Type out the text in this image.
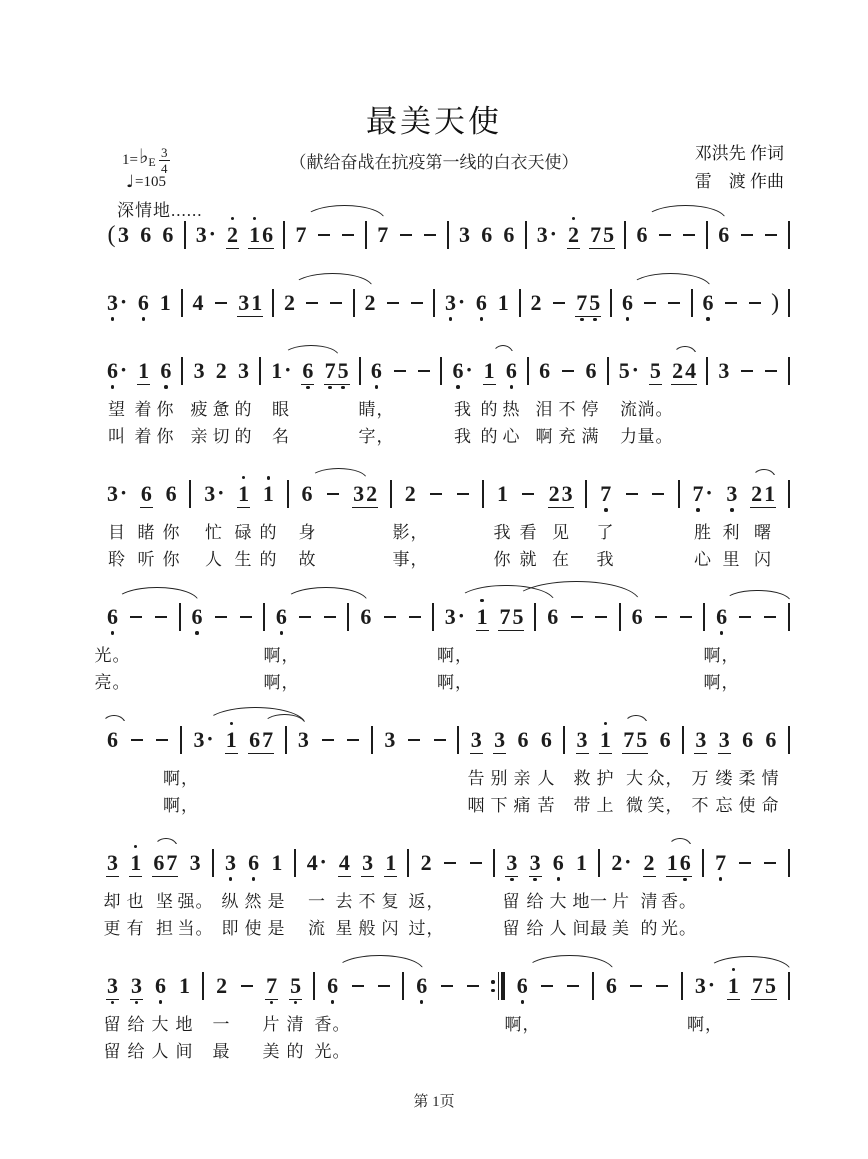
最美天使
（献给奋战在抗疫第一线的白衣天使）	邓洪先 作词
雷　渡 作曲
1= ♭ E $\frac{3}{4}$
♩ =105
深情地......
( 3 6 6 3 · 2 1 6 7	7	3 6 6 3 · 2 7 5 6	6
3 · 6 1 4 3 1 2	2	3 · 6 1 2 7 5 6	6 )
6 · 1 6 3 2 3 1 · 6 7 5 6	6 · 1 6 6 6 5 · 5 2 4 3
望 着 你 疲 惫 的 眼	睛，	我 的 热 泪 不 停 流 淌。
叫 着 你 亲 切 的 名	字，	我 的 心 啊 充 满 力 量。
3 · 6 6 3 · 1 1 6 3 2 2	1 2 3 7	7 · 3 2 1
目 睹 你 忙 碌 的 身	影，	我 看 见 了	胜 利 曙
聆 听 你 人 生 的 故	事，	你 就 在 我	心 里 闪
6	6	6	6	3 · 1 7 5 6	6	6
光。	啊，	啊，	啊，
亮。	啊，	啊，	啊，
6	3 · 1 6 7 3	3	3 3 6 6 3 1 7 5 6 3 3 6 6
啊，	告 别 亲 人 救 护 大 众， 万 缕 柔 情
啊，	咽 下 痛 苦 带 上 微 笑， 不 忘 使 命
3 1 6 7 3 3 6 1 4 · 4 3 1 2	3 3 6 1 2 · 2 1 6 7
却 也 坚 强。 纵 然 是 一 去 不 复 返，	留 给 大 地 一 片 清 香。
更 有 担 当。 即 使 是 流 星 般 闪 过，	留 给 人 间 最 美 的 光。
3 3 6 1 2 7 5 6	6	6	6	3 · 1 7 5
留 给 大 地 一 片 清 香。	啊，	啊，
留 给 人 间 最 美 的 光。
第 1页
